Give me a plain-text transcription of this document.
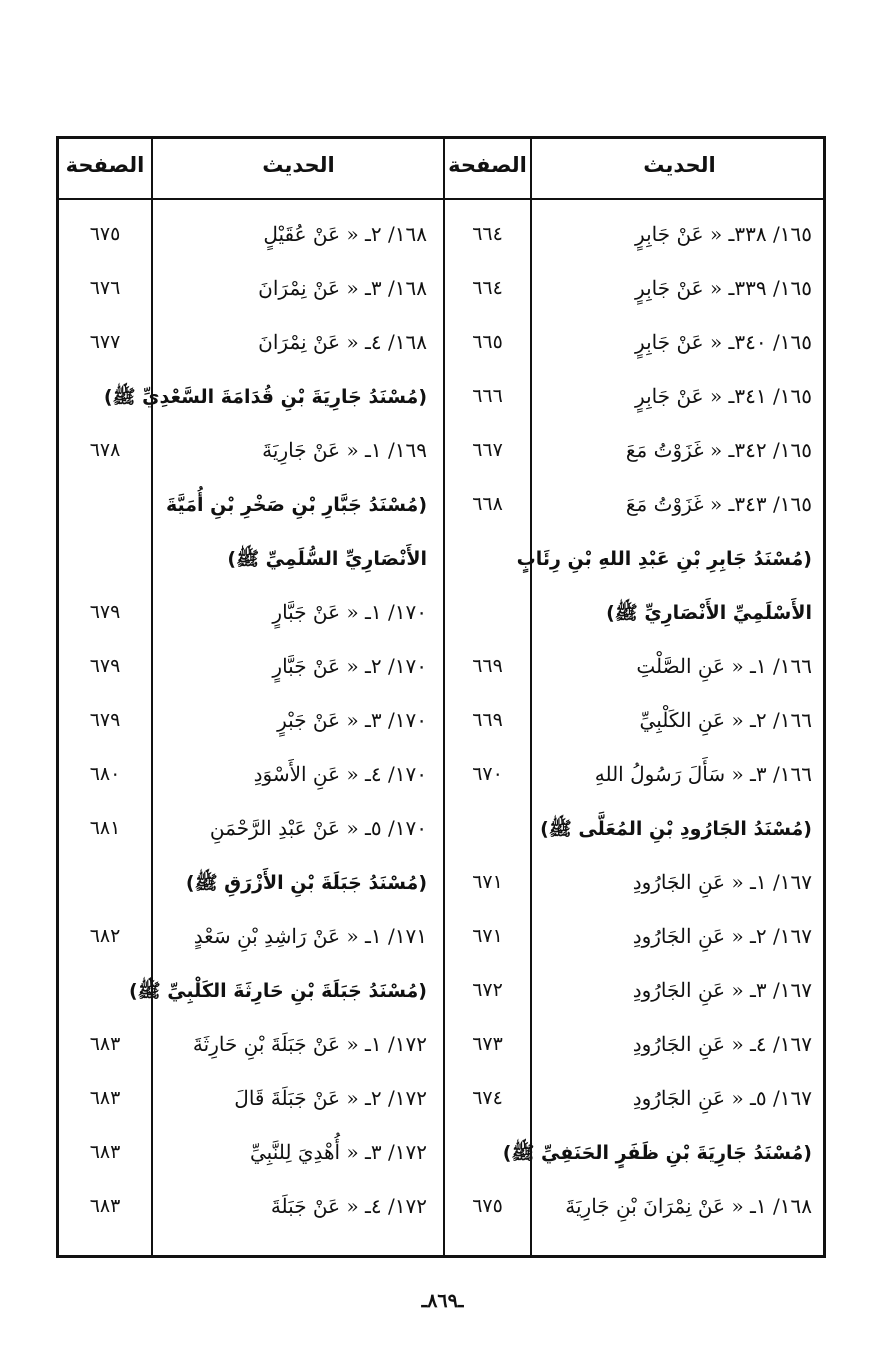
الحديث
الصفحة
الحديث
الصفحة
١٦٥/ ٣٣٨ـ « عَنْ جَابِرٍ
٦٦٤
١٦٨/ ٢ـ « عَنْ عُقَيْلٍ
٦٧٥
١٦٥/ ٣٣٩ـ « عَنْ جَابِرٍ
٦٦٤
١٦٨/ ٣ـ « عَنْ نِمْرَانَ
٦٧٦
١٦٥/ ٣٤٠ـ « عَنْ جَابِرٍ
٦٦٥
١٦٨/ ٤ـ « عَنْ نِمْرَانَ
٦٧٧
١٦٥/ ٣٤١ـ « عَنْ جَابِرٍ
٦٦٦
(مُسْنَدُ جَارِيَةَ بْنِ قُدَامَةَ السَّعْدِيِّ ﷺ)
١٦٥/ ٣٤٢ـ « غَزَوْتُ مَعَ
٦٦٧
١٦٩/ ١ـ « عَنْ جَارِيَةَ
٦٧٨
١٦٥/ ٣٤٣ـ « غَزَوْتُ مَعَ
٦٦٨
(مُسْنَدُ جَبَّارِ بْنِ صَخْرِ بْنِ أُمَيَّةَ
(مُسْنَدُ جَابِرِ بْنِ عَبْدِ اللهِ بْنِ رِئَابٍ
الأَنْصَارِيِّ السُّلَمِيِّ ﷺ)
الأَسْلَمِيِّ الأَنْصَارِيِّ ﷺ)
١٧٠/ ١ـ « عَنْ جَبَّارٍ
٦٧٩
١٦٦/ ١ـ « عَنِ الصَّلْتِ
٦٦٩
١٧٠/ ٢ـ « عَنْ جَبَّارٍ
٦٧٩
١٦٦/ ٢ـ « عَنِ الكَلْبِيِّ
٦٦٩
١٧٠/ ٣ـ « عَنْ جَبْرٍ
٦٧٩
١٦٦/ ٣ـ « سَأَلَ رَسُولُ اللهِ
٦٧٠
١٧٠/ ٤ـ « عَنِ الأَسْوَدِ
٦٨٠
(مُسْنَدُ الجَارُودِ بْنِ المُعَلَّى ﷺ)
١٧٠/ ٥ـ « عَنْ عَبْدِ الرَّحْمَنِ
٦٨١
١٦٧/ ١ـ « عَنِ الجَارُودِ
٦٧١
(مُسْنَدُ جَبَلَةَ بْنِ الأَزْرَقِ ﷺ)
١٦٧/ ٢ـ « عَنِ الجَارُودِ
٦٧١
١٧١/ ١ـ « عَنْ رَاشِدِ بْنِ سَعْدٍ
٦٨٢
١٦٧/ ٣ـ « عَنِ الجَارُودِ
٦٧٢
(مُسْنَدُ جَبَلَةَ بْنِ حَارِثَةَ الكَلْبِيِّ ﷺ)
١٦٧/ ٤ـ « عَنِ الجَارُودِ
٦٧٣
١٧٢/ ١ـ « عَنْ جَبَلَةَ بْنِ حَارِثَةَ
٦٨٣
١٦٧/ ٥ـ « عَنِ الجَارُودِ
٦٧٤
١٧٢/ ٢ـ « عَنْ جَبَلَةَ قَالَ
٦٨٣
(مُسْنَدُ جَارِيَةَ بْنِ ظَفَرٍ الحَنَفِيِّ ﷺ)
١٧٢/ ٣ـ « أُهْدِيَ لِلنَّبِيِّ
٦٨٣
١٦٨/ ١ـ « عَنْ نِمْرَانَ بْنِ جَارِيَةَ
٦٧٥
١٧٢/ ٤ـ « عَنْ جَبَلَةَ
٦٨٣
ـ٨٦٩ـ
